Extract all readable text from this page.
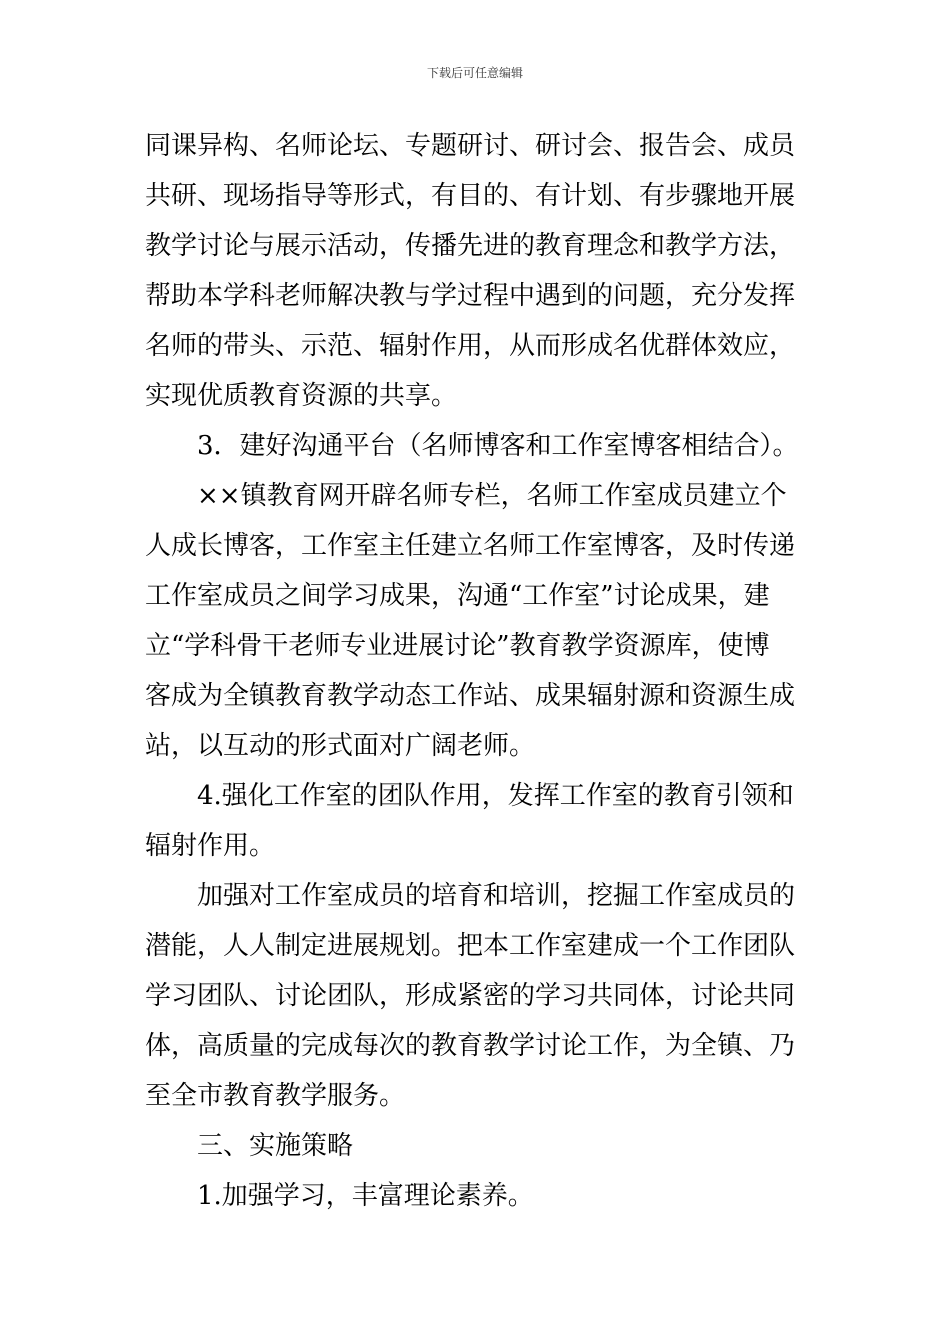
下载后可任意编辑
同课异构、名师论坛、专题研讨、研讨会、报告会、成员
共研、现场指导等形式，有目的、有计划、有步骤地开展
教学讨论与展示活动，传播先进的教育理念和教学方法，
帮助本学科老师解决教与学过程中遇到的问题，充分发挥
名师的带头、示范、辐射作用，从而形成名优群体效应，
实现优质教育资源的共享。
3．建好沟通平台（名师博客和工作室博客相结合）。
××镇教育网开辟名师专栏，名师工作室成员建立个
人成长博客，工作室主任建立名师工作室博客，及时传递
工作室成员之间学习成果，沟通“工作室”讨论成果，建
立“学科骨干老师专业进展讨论”教育教学资源库，使博
客成为全镇教育教学动态工作站、成果辐射源和资源生成
站，以互动的形式面对广阔老师。
4.强化工作室的团队作用，发挥工作室的教育引领和
辐射作用。
加强对工作室成员的培育和培训，挖掘工作室成员的
潜能，人人制定进展规划。把本工作室建成一个工作团队
学习团队、讨论团队，形成紧密的学习共同体，讨论共同
体，高质量的完成每次的教育教学讨论工作，为全镇、乃
至全市教育教学服务。
三、实施策略
1.加强学习，丰富理论素养。
